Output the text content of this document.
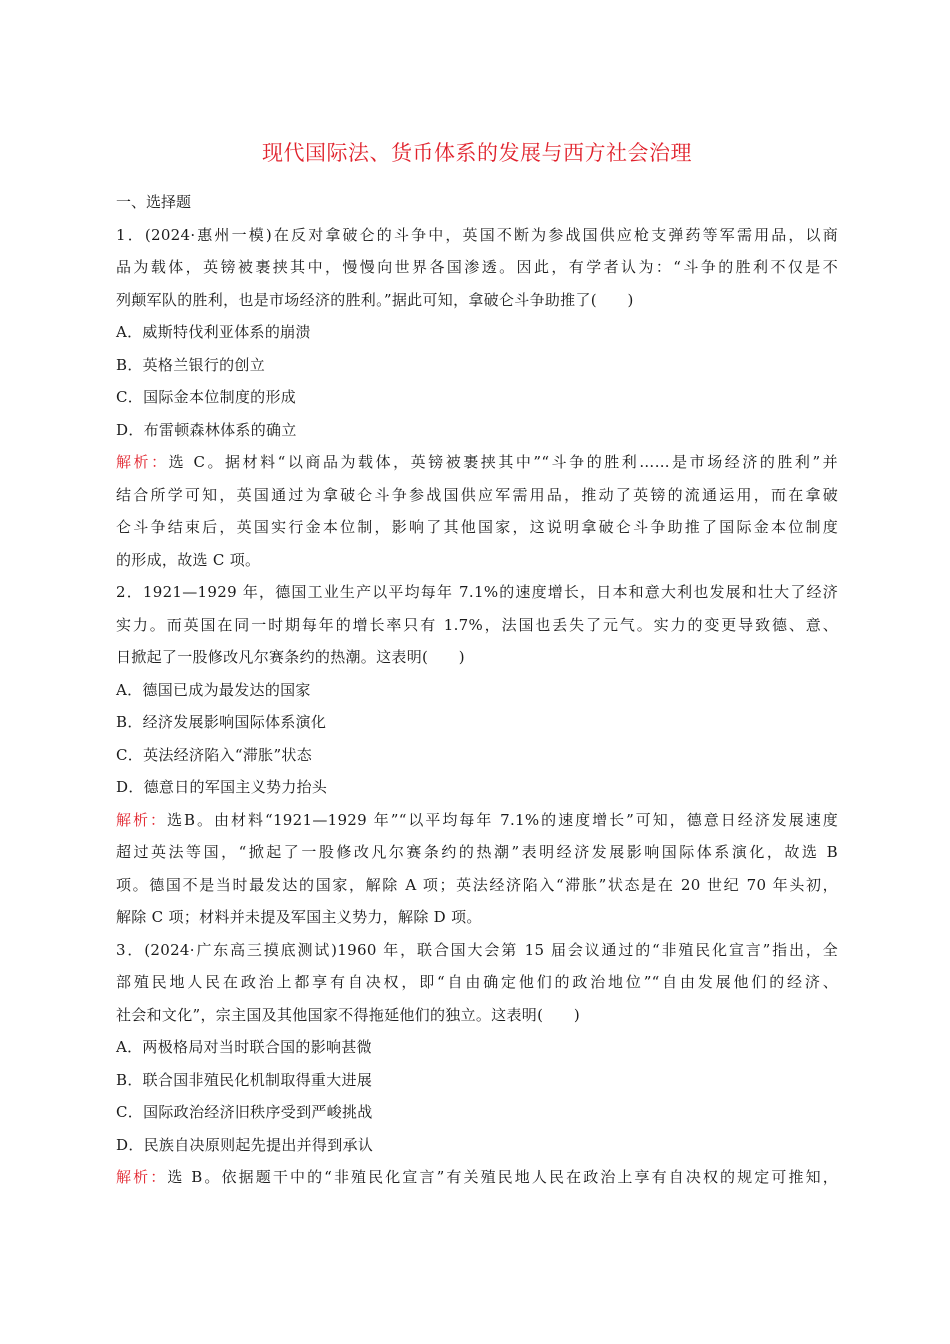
现代国际法、货币体系的发展与西方社会治理
一、选择题
1．(2024·惠州一模)在反对拿破仑的斗争中，英国不断为参战国供应枪支弹药等军需用品，以商
品为载体，英镑被裹挟其中，慢慢向世界各国渗透。因此，有学者认为：“斗争的胜利不仅是不
列颠军队的胜利，也是市场经济的胜利。”据此可知，拿破仑斗争助推了(　　)
A．威斯特伐利亚体系的崩溃
B．英格兰银行的创立
C．国际金本位制度的形成
D．布雷顿森林体系的确立
解析：选 C。据材料“以商品为载体，英镑被裹挟其中”“斗争的胜利……是市场经济的胜利”并
结合所学可知，英国通过为拿破仑斗争参战国供应军需用品，推动了英镑的流通运用，而在拿破
仑斗争结束后，英国实行金本位制，影响了其他国家，这说明拿破仑斗争助推了国际金本位制度
的形成，故选 C 项。
2．1921—1929 年，德国工业生产以平均每年 7.1%的速度增长，日本和意大利也发展和壮大了经济
实力。而英国在同一时期每年的增长率只有 1.7%，法国也丢失了元气。实力的变更导致德、意、
日掀起了一股修改凡尔赛条约的热潮。这表明(　　)
A．德国已成为最发达的国家
B．经济发展影响国际体系演化
C．英法经济陷入“滞胀”状态
D．德意日的军国主义势力抬头
解析：选B。由材料“1921—1929 年”“以平均每年 7.1%的速度增长”可知，德意日经济发展速度
超过英法等国，“掀起了一股修改凡尔赛条约的热潮”表明经济发展影响国际体系演化，故选 B
项。德国不是当时最发达的国家，解除 A 项；英法经济陷入“滞胀”状态是在 20 世纪 70 年头初，
解除 C 项；材料并未提及军国主义势力，解除 D 项。
3．(2024·广东高三摸底测试)1960 年，联合国大会第 15 届会议通过的“非殖民化宣言”指出，全
部殖民地人民在政治上都享有自决权，即“自由确定他们的政治地位”“自由发展他们的经济、
社会和文化”，宗主国及其他国家不得拖延他们的独立。这表明(　　)
A．两极格局对当时联合国的影响甚微
B．联合国非殖民化机制取得重大进展
C．国际政治经济旧秩序受到严峻挑战
D．民族自决原则起先提出并得到承认
解析：选 B。依据题干中的“非殖民化宣言”有关殖民地人民在政治上享有自决权的规定可推知，
